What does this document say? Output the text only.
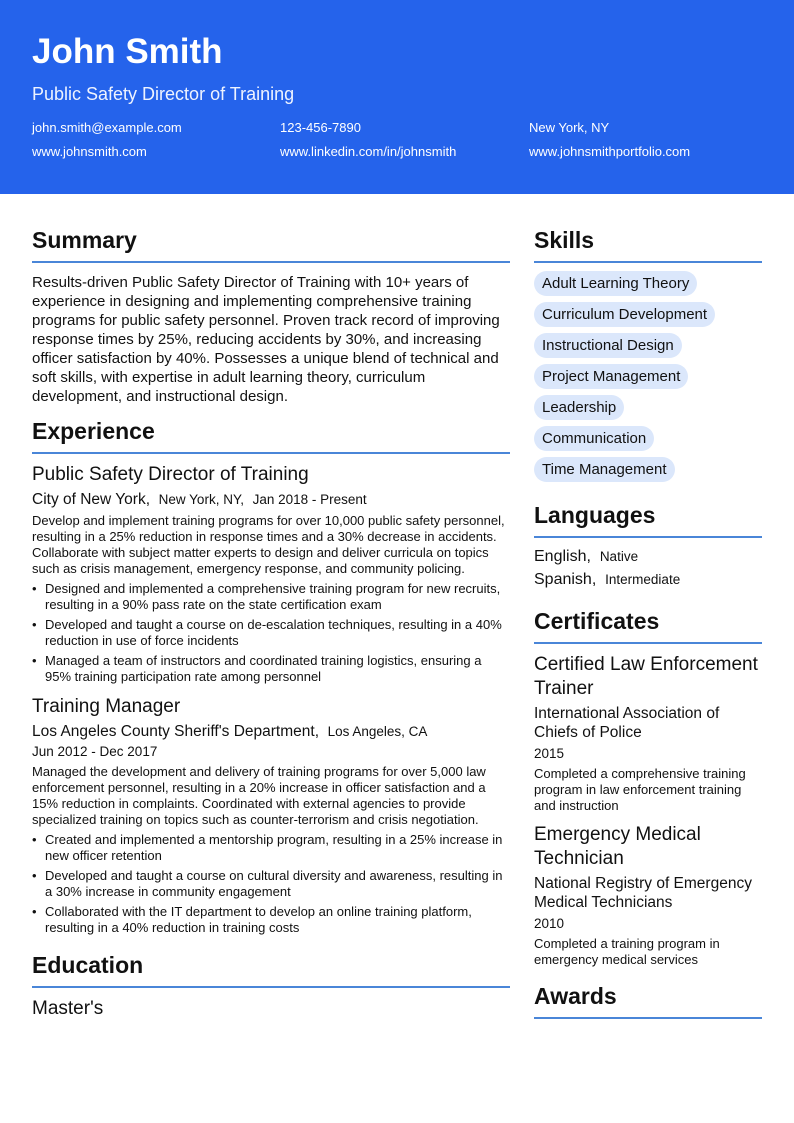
John Smith
Public Safety Director of Training
john.smith@example.com	123-456-7890	New York, NY
www.johnsmith.com	www.linkedin.com/in/johnsmith	www.johnsmithportfolio.com
Summary

Results-driven Public Safety Director of Training with 10+ years of experience in designing and implementing comprehensive training programs for public safety personnel. Proven track record of improving response times by 25%, reducing accidents by 30%, and increasing officer satisfaction by 40%. Possesses a unique blend of technical and soft skills, with expertise in adult learning theory, curriculum development, and instructional design.

Experience
Public Safety Director of Training
City of New York, New York, NY, Jan 2018 - Present
Develop and implement training programs for over 10,000 public safety personnel, resulting in a 25% reduction in response times and a 30% decrease in accidents. Collaborate with subject matter experts to design and deliver curricula on topics such as crisis management, emergency response, and community policing.
• Designed and implemented a comprehensive training program for new recruits, resulting in a 90% pass rate on the state certification exam
• Developed and taught a course on de-escalation techniques, resulting in a 40% reduction in use of force incidents
• Managed a team of instructors and coordinated training logistics, ensuring a 95% training participation rate among personnel
Training Manager
Los Angeles County Sheriff's Department, Los Angeles, CA
Jun 2012 - Dec 2017
Managed the development and delivery of training programs for over 5,000 law enforcement personnel, resulting in a 20% increase in officer satisfaction and a 15% reduction in complaints. Coordinated with external agencies to provide specialized training on topics such as counter-terrorism and crisis negotiation.
• Created and implemented a mentorship program, resulting in a 25% increase in new officer retention
• Developed and taught a course on cultural diversity and awareness, resulting in a 30% increase in community engagement
• Collaborated with the IT department to develop an online training platform, resulting in a 40% reduction in training costs
Education
Master's
Skills
Adult Learning Theory
Curriculum Development
Instructional Design
Project Management
Leadership
Communication
Time Management
Languages
English, Native
Spanish, Intermediate
Certificates
Certified Law Enforcement Trainer
International Association of Chiefs of Police
2015
Completed a comprehensive training program in law enforcement training and instruction
Emergency Medical Technician
National Registry of Emergency Medical Technicians
2010
Completed a training program in emergency medical services
Awards
